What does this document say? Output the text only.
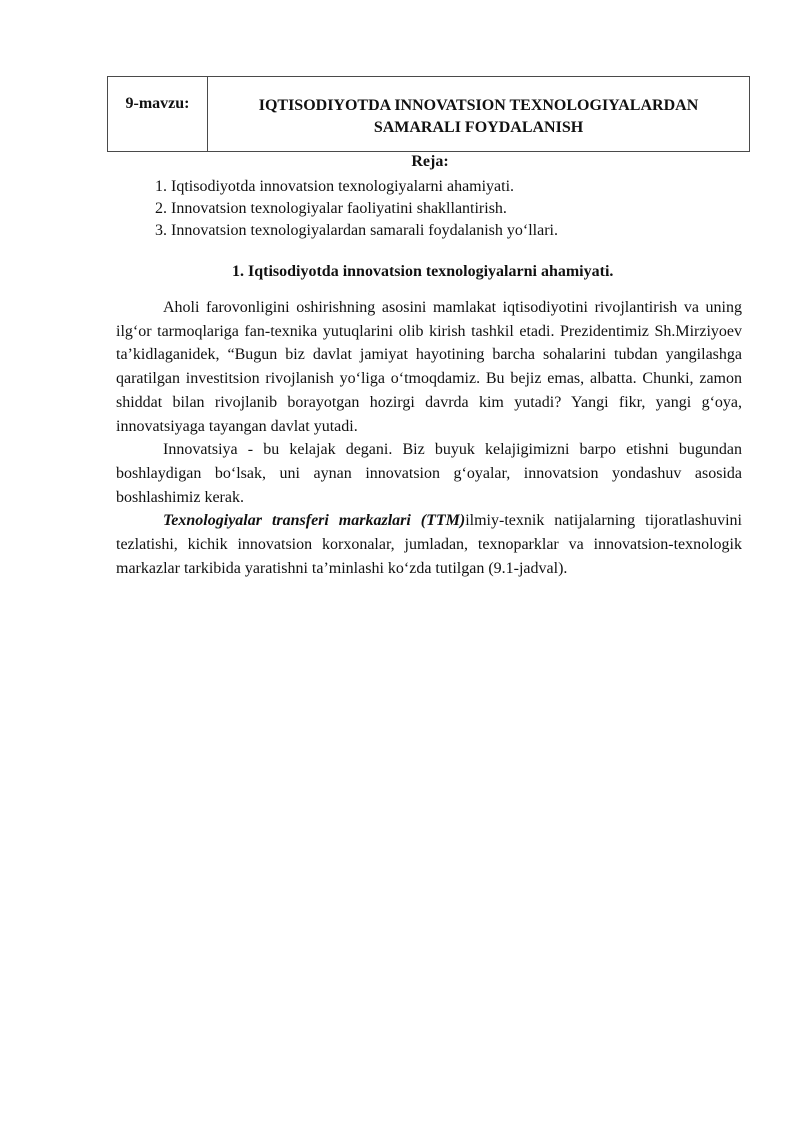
9-mavzu:	IQTISODIYOTDA INNOVATSION TEXNOLOGIYALARDAN SAMARALI FOYDALANISH
Reja:
1. Iqtisodiyotda innovatsion texnologiyalarni ahamiyati.
2. Innovatsion texnologiyalar faoliyatini shakllantirish.
3. Innovatsion texnologiyalardan samarali foydalanish yo‘llari.
1. Iqtisodiyotda innovatsion texnologiyalarni ahamiyati.

Aholi farovonligini oshirishning asosini mamlakat iqtisodiyotini rivojlantirish va uning ilg‘or tarmoqlariga fan-texnika yutuqlarini olib kirish tashkil etadi. Prezidentimiz Sh.Mirziyoev ta’kidlaganidek, “Bugun biz davlat jamiyat hayotining barcha sohalarini tubdan yangilashga qaratilgan investitsion rivojlanish yo‘liga o‘tmoqdamiz. Bu bejiz emas, albatta. Chunki, zamon shiddat bilan rivojlanib borayotgan hozirgi davrda kim yutadi? Yangi fikr, yangi g‘oya, innovatsiyaga tayangan davlat yutadi.

Innovatsiya - bu kelajak degani. Biz buyuk kelajigimizni barpo etishni bugundan boshlaydigan bo‘lsak, uni aynan innovatsion g‘oyalar, innovatsion yondashuv asosida boshlashimiz kerak.

Texnologiyalar transferi markazlari (TTM)ilmiy-texnik natijalarning tijoratlashuvini tezlatishi, kichik innovatsion korxonalar, jumladan, texnoparklar va innovatsion-texnologik markazlar tarkibida yaratishni ta’minlashi ko‘zda tutilgan (9.1-jadval).
